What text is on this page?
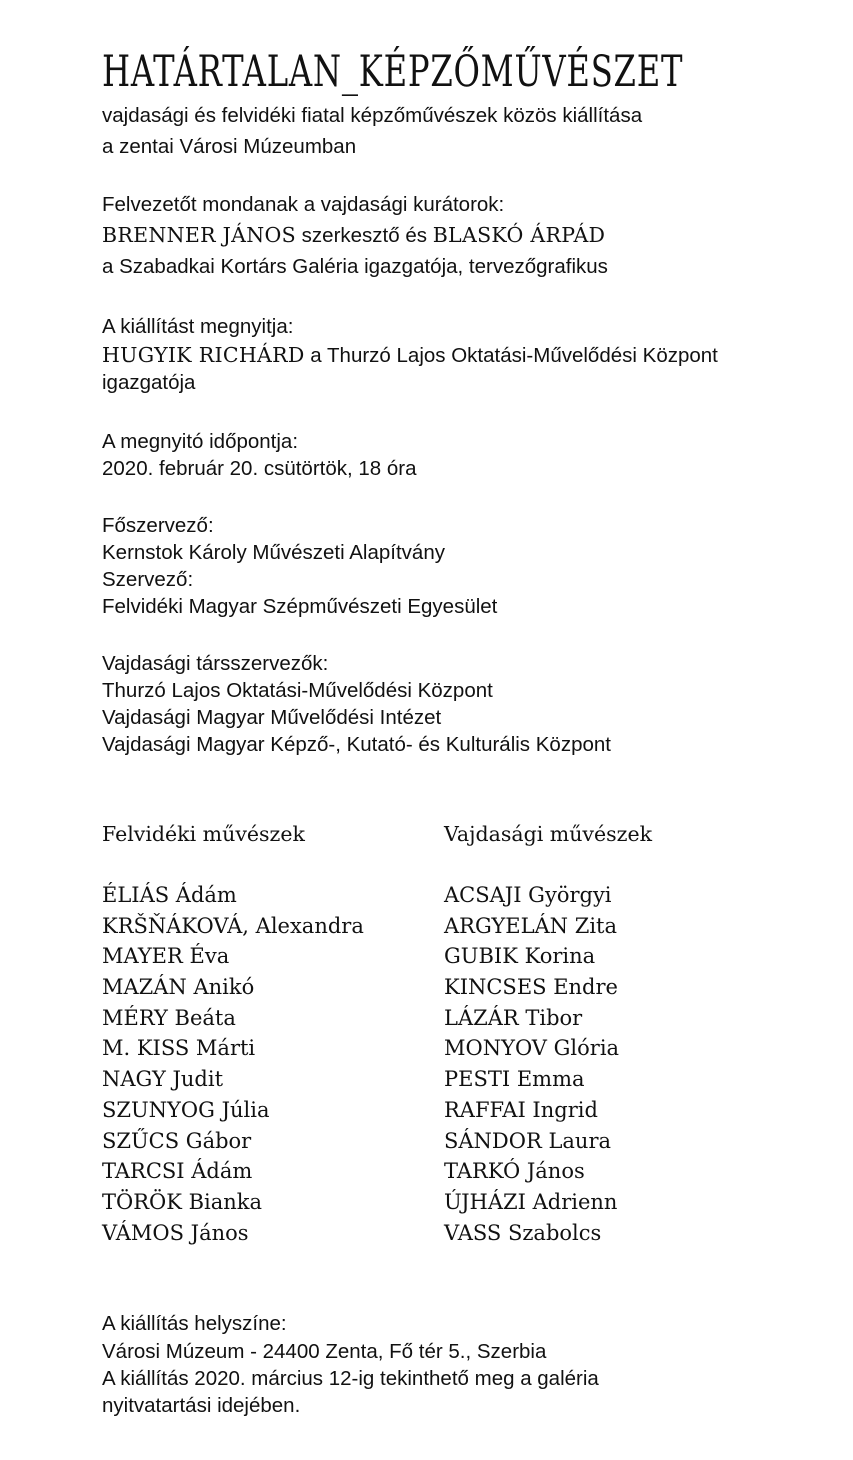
HATÁRTALAN_KÉPZŐMŰVÉSZET
vajdasági és felvidéki fiatal képzőművészek közös kiállítása
a zentai Városi Múzeumban
Felvezetőt mondanak a vajdasági kurátorok:
BRENNER JÁNOS szerkesztő és BLASKÓ ÁRPÁD
a Szabadkai Kortárs Galéria igazgatója, tervezőgrafikus
A kiállítást megnyitja:
HUGYIK RICHÁRD a Thurzó Lajos Oktatási-Művelődési Központ
igazgatója
A megnyitó időpontja:
2020. február 20. csütörtök, 18 óra
Főszervező:
Kernstok Károly Művészeti Alapítvány
Szervező:
Felvidéki Magyar Szépművészeti Egyesület
Vajdasági társszervezők:
Thurzó Lajos Oktatási-Művelődési Központ
Vajdasági Magyar Művelődési Intézet
Vajdasági Magyar Képző-, Kutató- és Kulturális Központ
Felvidéki művészek	Vajdasági művészek
ÉLIÁS Ádám
KRŠŇÁKOVÁ, Alexandra
MAYER Éva
MAZÁN Anikó
MÉRY Beáta
M. KISS Márti
NAGY Judit
SZUNYOG Júlia
SZŰCS Gábor
TARCSI Ádám
TÖRÖK Bianka
VÁMOS János
ACSAJI Györgyi
ARGYELÁN Zita
GUBIK Korina
KINCSES Endre
LÁZÁR Tibor
MONYOV Glória
PESTI Emma
RAFFAI Ingrid
SÁNDOR Laura
TARKÓ János
ÚJHÁZI Adrienn
VASS Szabolcs
A kiállítás helyszíne:
Városi Múzeum - 24400 Zenta, Fő tér 5., Szerbia
A kiállítás 2020. március 12-ig tekinthető meg a galéria
nyitvatartási idejében.
